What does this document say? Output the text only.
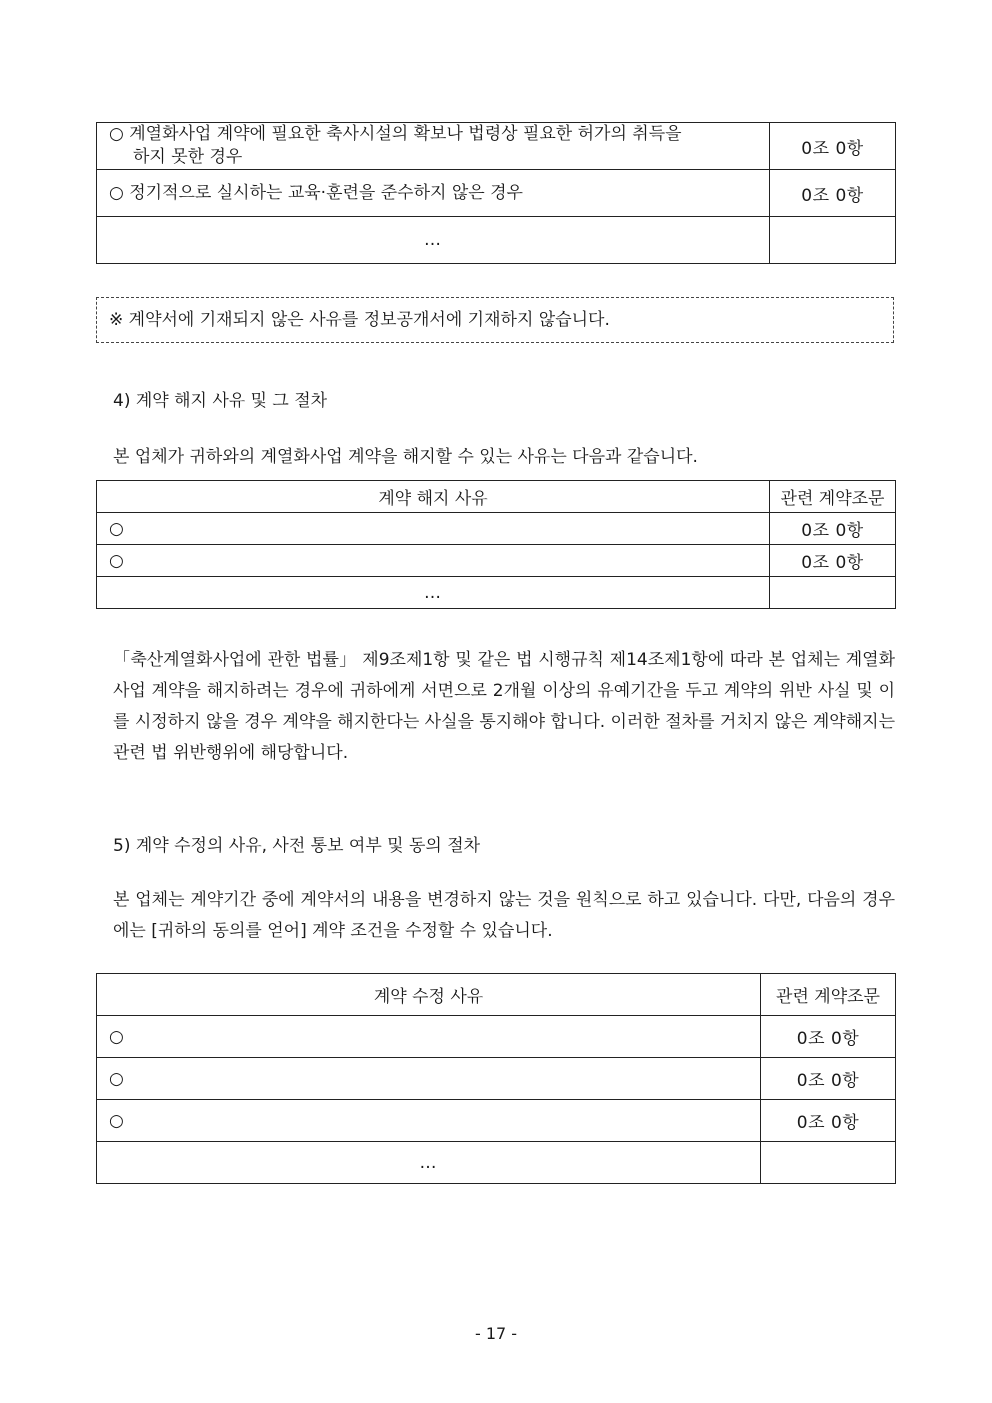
○ 계열화사업 계약에 필요한 축사시설의 확보나 법령상 필요한 허가의 취득을
하지 못한 경우	0조 0항
○ 정기적으로 실시하는 교육·훈련을 준수하지 않은 경우	0조 0항
…	
※ 계약서에 기재되지 않은 사유를 정보공개서에 기재하지 않습니다.
4) 계약 해지 사유 및 그 절차
본 업체가 귀하와의 계열화사업 계약을 해지할 수 있는 사유는 다음과 같습니다.
계약 해지 사유	관련 계약조문
○	0조 0항
○	0조 0항
…	
「축산계열화사업에 관한 법률」 제9조제1항 및 같은 법 시행규칙 제14조제1항에 따라 본 업체는 계열화사업 계약을 해지하려는 경우에 귀하에게 서면으로 2개월 이상의 유예기간을 두고 계약의 위반 사실 및 이를 시정하지 않을 경우 계약을 해지한다는 사실을 통지해야 합니다. 이러한 절차를 거치지 않은 계약해지는 관련 법 위반행위에 해당합니다.
5) 계약 수정의 사유, 사전 통보 여부 및 동의 절차
본 업체는 계약기간 중에 계약서의 내용을 변경하지 않는 것을 원칙으로 하고 있습니다. 다만, 다음의 경우에는 [귀하의 동의를 얻어] 계약 조건을 수정할 수 있습니다.
계약 수정 사유	관련 계약조문
○	0조 0항
○	0조 0항
○	0조 0항
…	
- 17 -
